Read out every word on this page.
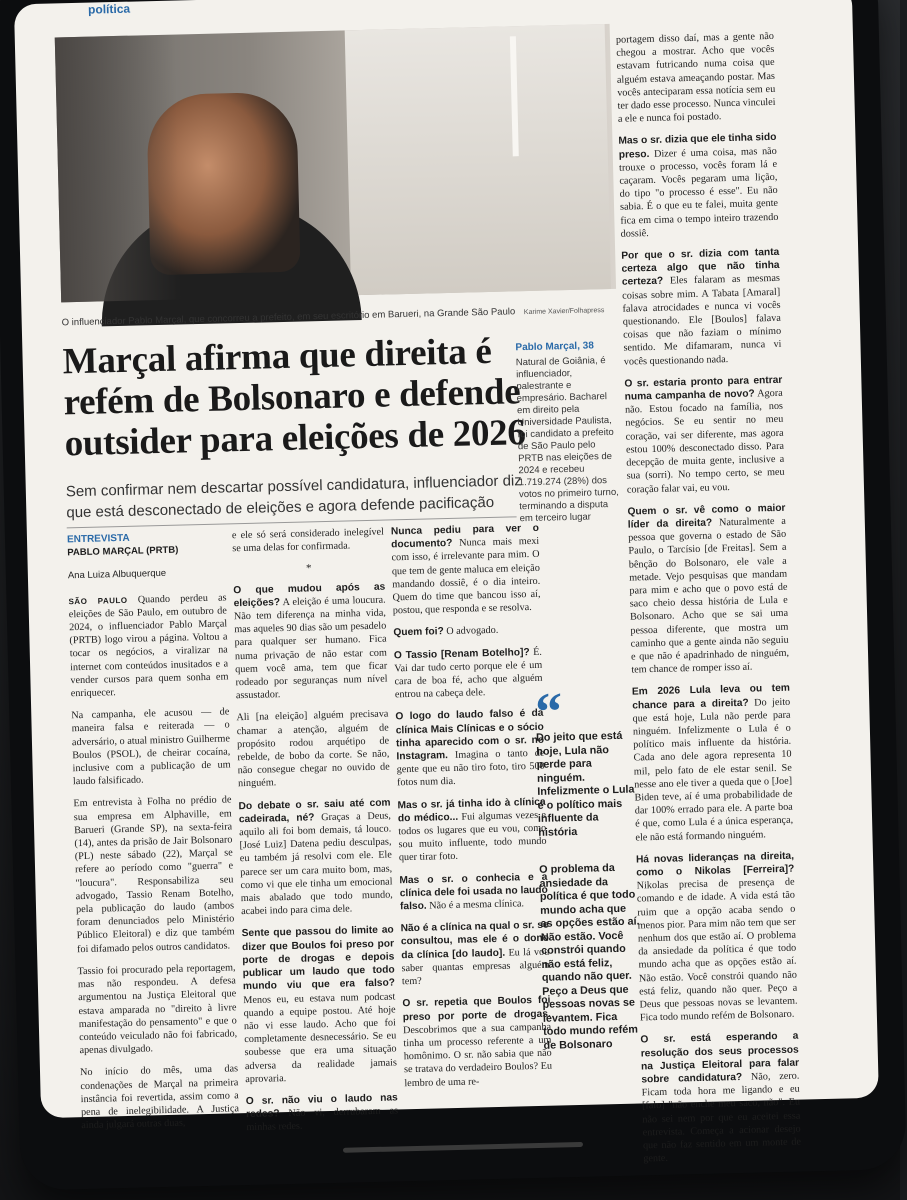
política
O influenciador Pablo Marçal, que concorreu a prefeito, em seu escritório em Barueri, na Grande São Paulo Karime Xavier/Folhapress
Marçal afirma que direita é refém de Bolsonaro e defende outsider para eleições de 2026
Sem confirmar nem descartar possível candidatura, influenciador diz que está desconectado de eleições e agora defende pacificação
Pablo Marçal, 38
Natural de Goiânia, é influenciador, palestrante e empresário. Bacharel em direito pela Universidade Paulista, foi candidato a prefeito de São Paulo pelo PRTB nas eleições de 2024 e recebeu 1.719.274 (28%) dos votos no primeiro turno, terminando a disputa em terceiro lugar
ENTREVISTA
PABLO MARÇAL (PRTB)
Ana Luiza Albuquerque

SÃO PAULO Quando perdeu as eleições de São Paulo, em outubro de 2024, o influenciador Pablo Marçal (PRTB) logo virou a página. Voltou a tocar os negócios, a viralizar na internet com conteúdos inusitados e a vender cursos para quem sonha em enriquecer.

Na campanha, ele acusou — de maneira falsa e reiterada — o adversário, o atual ministro Guilherme Boulos (PSOL), de cheirar cocaína, inclusive com a publicação de um laudo falsificado.

Em entrevista à Folha no prédio de sua empresa em Alphaville, em Barueri (Grande SP), na sexta-feira (14), antes da prisão de Jair Bolsonaro (PL) neste sábado (22), Marçal se refere ao período como "guerra" e "loucura". Responsabiliza seu advogado, Tassio Renam Botelho, pela publicação do laudo (ambos foram denunciados pelo Ministério Público Eleitoral) e diz que também foi difamado pelos outros candidatos.

Tassio foi procurado pela reportagem, mas não respondeu. A defesa argumentou na Justiça Eleitoral que estava amparada no "direito à livre manifestação do pensamento" e que o conteúdo veiculado não foi fabricado, apenas divulgado.

No início do mês, uma das condenações de Marçal na primeira instância foi revertida, assim como a pena de inelegibilidade. A Justiça ainda julgará outras duas,

e ele só será considerado inelegível se uma delas for confirmada.

*

O que mudou após as eleições? A eleição é uma loucura. Não tem diferença na minha vida, mas aqueles 90 dias são um pesadelo para qualquer ser humano. Fica numa privação de não estar com quem você ama, tem que ficar rodeado por seguranças num nível assustador.

Ali [na eleição] alguém precisava chamar a atenção, alguém de propósito rodou arquétipo de rebelde, de bobo da corte. Se não, não consegue chegar no ouvido de ninguém.

Do debate o sr. saiu até com cadeirada, né? Graças a Deus, aquilo ali foi bom demais, tá louco. [José Luiz] Datena pediu desculpas, eu também já resolvi com ele. Ele parece ser um cara muito bom, mas, como vi que ele tinha um emocional mais abalado que todo mundo, acabei indo para cima dele.

Sente que passou do limite ao dizer que Boulos foi preso por porte de drogas e depois publicar um laudo que todo mundo viu que era falso? Menos eu, eu estava num podcast quando a equipe postou. Até hoje não vi esse laudo. Acho que foi completamente desnecessário. Se eu soubesse que era uma situação adversa da realidade jamais aprovaria.

O sr. não viu o laudo nas redes? Não vi, derrubaram as minhas redes.

Nunca pediu para ver o documento? Nunca mais mexi com isso, é irrelevante para mim. O que tem de gente maluca em eleição mandando dossiê, é o dia inteiro. Quem do time que bancou isso aí, postou, que responda e se resolva.

Quem foi? O advogado.

O Tassio [Renam Botelho]? É. Vai dar tudo certo porque ele é um cara de boa fé, acho que alguém entrou na cabeça dele.

O logo do laudo falso é da clínica Mais Clínicas e o sócio tinha aparecido com o sr. no Instagram. Imagina o tanto de gente que eu não tiro foto, tiro 500 fotos num dia.

Mas o sr. já tinha ido à clínica do médico... Fui algumas vezes e todos os lugares que eu vou, como sou muito influente, todo mundo quer tirar foto.

Mas o sr. o conhecia e a clínica dele foi usada no laudo falso. Não é a mesma clínica.

Não é a clínica na qual o sr. se consultou, mas ele é o dono da clínica [do laudo]. Eu lá vou saber quantas empresas alguém tem?

O sr. repetia que Boulos foi preso por porte de drogas. Descobrimos que a sua campanha tinha um processo referente a um homônimo. O sr. não sabia que não se tratava do verdadeiro Boulos? Eu lembro de uma re-

“
Do jeito que está hoje, Lula não perde para ninguém. Infelizmente o Lula é o político mais influente da história
O problema da ansiedade da política é que todo mundo acha que as opções estão aí. Não estão. Você constrói quando não está feliz, quando não quer. Peço a Deus que pessoas novas se levantem. Fica todo mundo refém de Bolsonaro

portagem disso daí, mas a gente não chegou a mostrar. Acho que vocês estavam futricando numa coisa que alguém estava ameaçando postar. Mas vocês anteciparam essa notícia sem eu ter dado esse processo. Nunca vinculei a ele e nunca foi postado.

Mas o sr. dizia que ele tinha sido preso. Dizer é uma coisa, mas não trouxe o processo, vocês foram lá e caçaram. Vocês pegaram uma lição, do tipo "o processo é esse". Eu não sabia. É o que eu te falei, muita gente fica em cima o tempo inteiro trazendo dossiê.

Por que o sr. dizia com tanta certeza algo que não tinha certeza? Eles falaram as mesmas coisas sobre mim. A Tabata [Amaral] falava atrocidades e nunca vi vocês questionando. Ele [Boulos] falava coisas que não faziam o mínimo sentido. Me difamaram, nunca vi vocês questionando nada.

O sr. estaria pronto para entrar numa campanha de novo? Agora não. Estou focado na família, nos negócios. Se eu sentir no meu coração, vai ser diferente, mas agora estou 100% desconectado disso. Para decepção de muita gente, inclusive a sua (sorri). No tempo certo, se meu coração falar vai, eu vou.

Quem o sr. vê como o maior líder da direita? Naturalmente a pessoa que governa o estado de São Paulo, o Tarcísio [de Freitas]. Sem a bênção do Bolsonaro, ele vale a metade. Vejo pesquisas que mandam para mim e acho que o povo está de saco cheio dessa história de Lula e Bolsonaro. Acho que se sai uma pessoa diferente, que mostra um caminho que a gente ainda não seguiu e que não é apadrinhado de ninguém, tem chance de romper isso aí.

Em 2026 Lula leva ou tem chance para a direita? Do jeito que está hoje, Lula não perde para ninguém. Infelizmente o Lula é o político mais influente da história. Cada ano dele agora representa 10 mil, pelo fato de ele estar senil. Se nesse ano ele tiver a queda que o [Joe] Biden teve, aí é uma probabilidade de dar 100% errado para ele. A parte boa é que, como Lula é a única esperança, ele não está formando ninguém.

Há novas lideranças na direita, como o Nikolas [Ferreira]? Nikolas precisa de presença de comando e de idade. A vida está tão ruim que a opção acaba sendo o menos pior. Para mim não tem que ser nenhum dos que estão aí. O problema da ansiedade da política é que todo mundo acha que as opções estão aí. Não estão. Você constrói quando não está feliz, quando não quer. Peço a Deus que pessoas novas se levantem. Fica todo mundo refém de Bolsonaro.

O sr. está esperando a resolução dos seus processos na Justiça Eleitoral para falar sobre candidatura? Não, zero. Ficam toda hora me ligando e eu [falo] "não enche meu saco, não". Eu não sei nem por que eu aceitei essa entrevista. Começa a acionar desejo que não faz sentido em um monte de gente.
